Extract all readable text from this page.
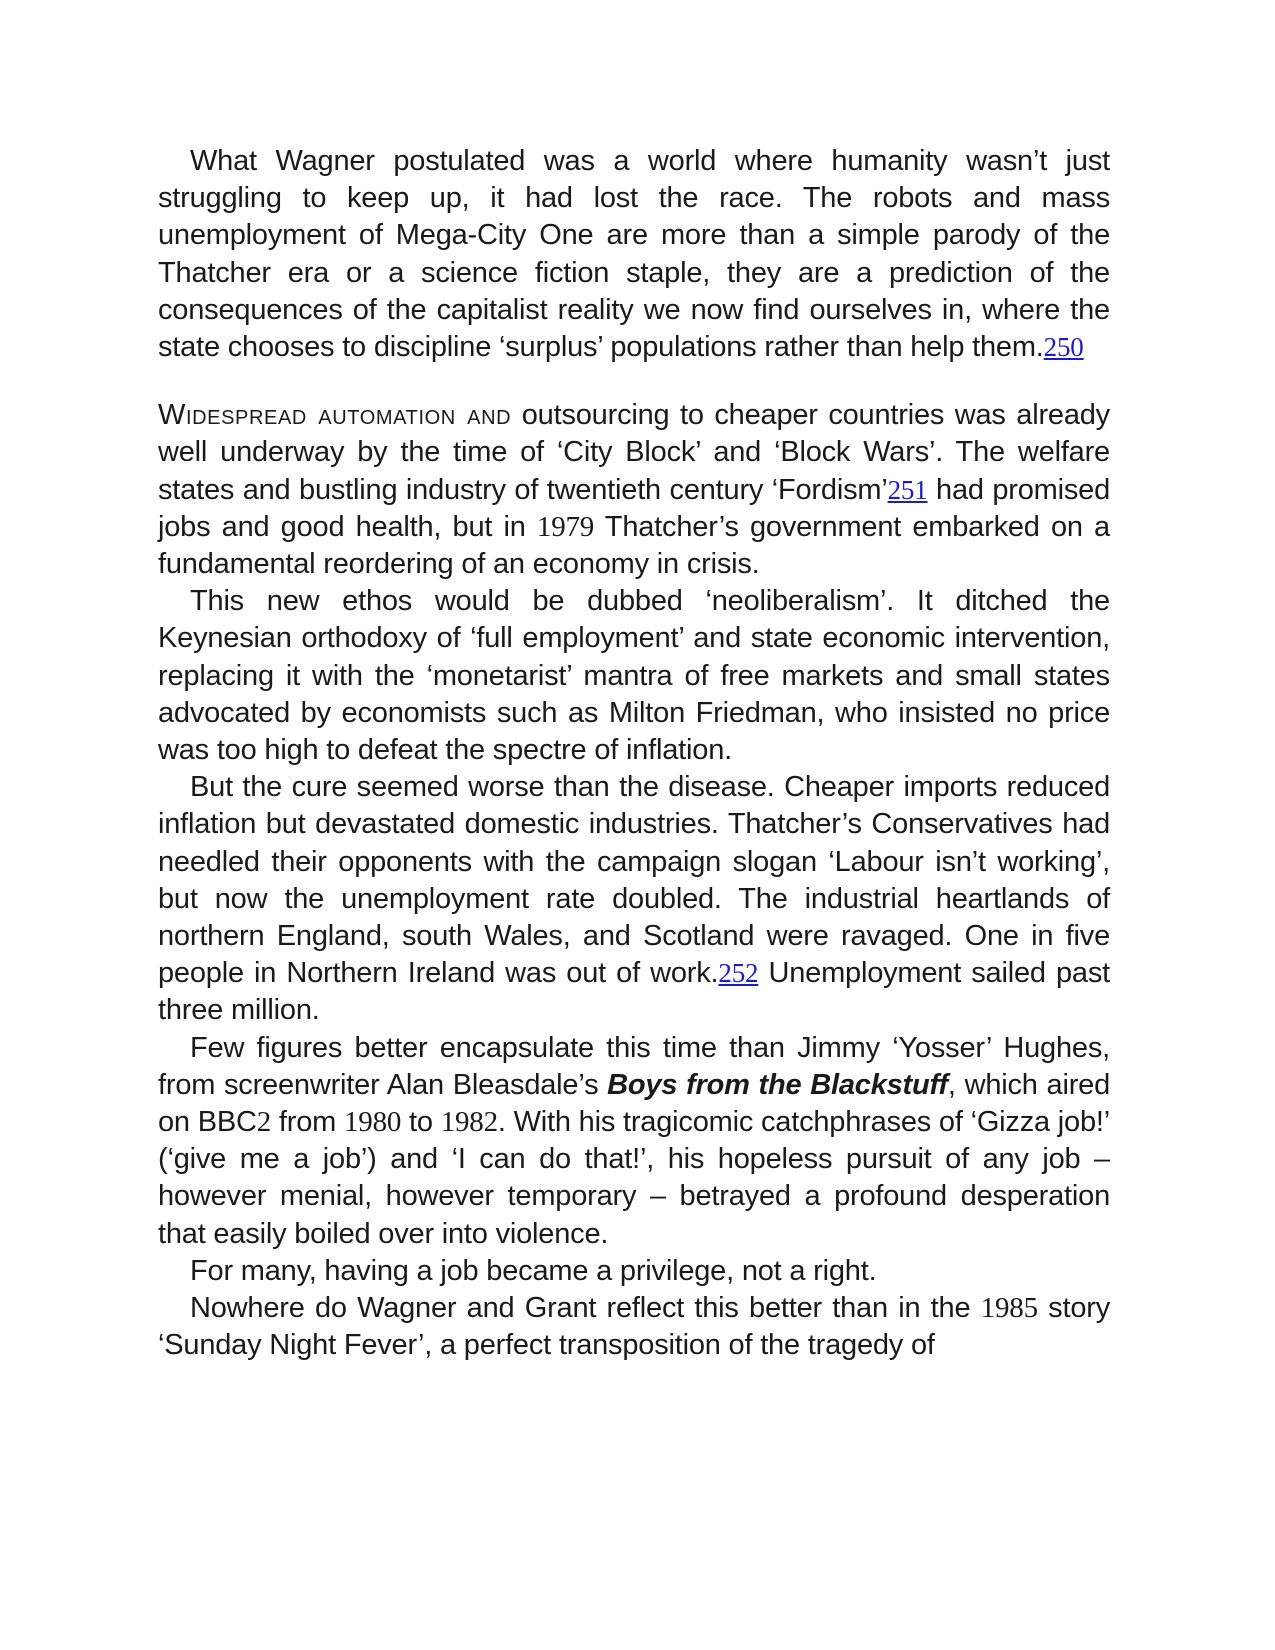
What Wagner postulated was a world where humanity wasn’t just struggling to keep up, it had lost the race. The robots and mass unemployment of Mega-City One are more than a simple parody of the Thatcher era or a science fiction staple, they are a prediction of the consequences of the capitalist reality we now find ourselves in, where the state chooses to discipline ‘surplus’ populations rather than help them.250

Widespread automation and outsourcing to cheaper countries was already well underway by the time of ‘City Block’ and ‘Block Wars’. The welfare states and bustling industry of twentieth century ‘Fordism’251 had promised jobs and good health, but in 1979 Thatcher’s government embarked on a fundamental reordering of an economy in crisis.

This new ethos would be dubbed ‘neoliberalism’. It ditched the Keynesian orthodoxy of ‘full employment’ and state economic intervention, replacing it with the ‘monetarist’ mantra of free markets and small states advocated by economists such as Milton Friedman, who insisted no price was too high to defeat the spectre of inflation.

But the cure seemed worse than the disease. Cheaper imports reduced inflation but devastated domestic industries. Thatcher’s Conservatives had needled their opponents with the campaign slogan ‘Labour isn’t working’, but now the unemployment rate doubled. The industrial heartlands of northern England, south Wales, and Scotland were ravaged. One in five people in Northern Ireland was out of work.252 Unemployment sailed past three million.

Few figures better encapsulate this time than Jimmy ‘Yosser’ Hughes, from screenwriter Alan Bleasdale’s Boys from the Blackstuff, which aired on BBC2 from 1980 to 1982. With his tragicomic catchphrases of ‘Gizza job!’ (‘give me a job’) and ‘I can do that!’, his hopeless pursuit of any job – however menial, however temporary – betrayed a profound desperation that easily boiled over into violence.

For many, having a job became a privilege, not a right.

Nowhere do Wagner and Grant reflect this better than in the 1985 story ‘Sunday Night Fever’, a perfect transposition of the tragedy of
